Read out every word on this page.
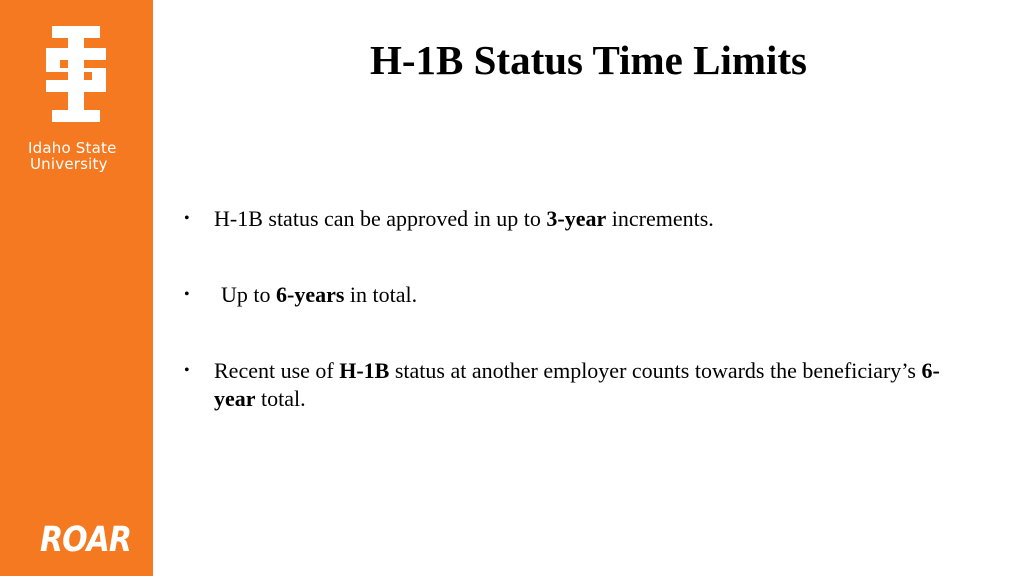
Idaho State
University
ROAR
H-1B Status Time Limits
• H-1B status can be approved in up to 3-year increments.
• Up to 6-years in total.
• Recent use of H-1B status at another employer counts towards the beneficiary’s 6-year total.
